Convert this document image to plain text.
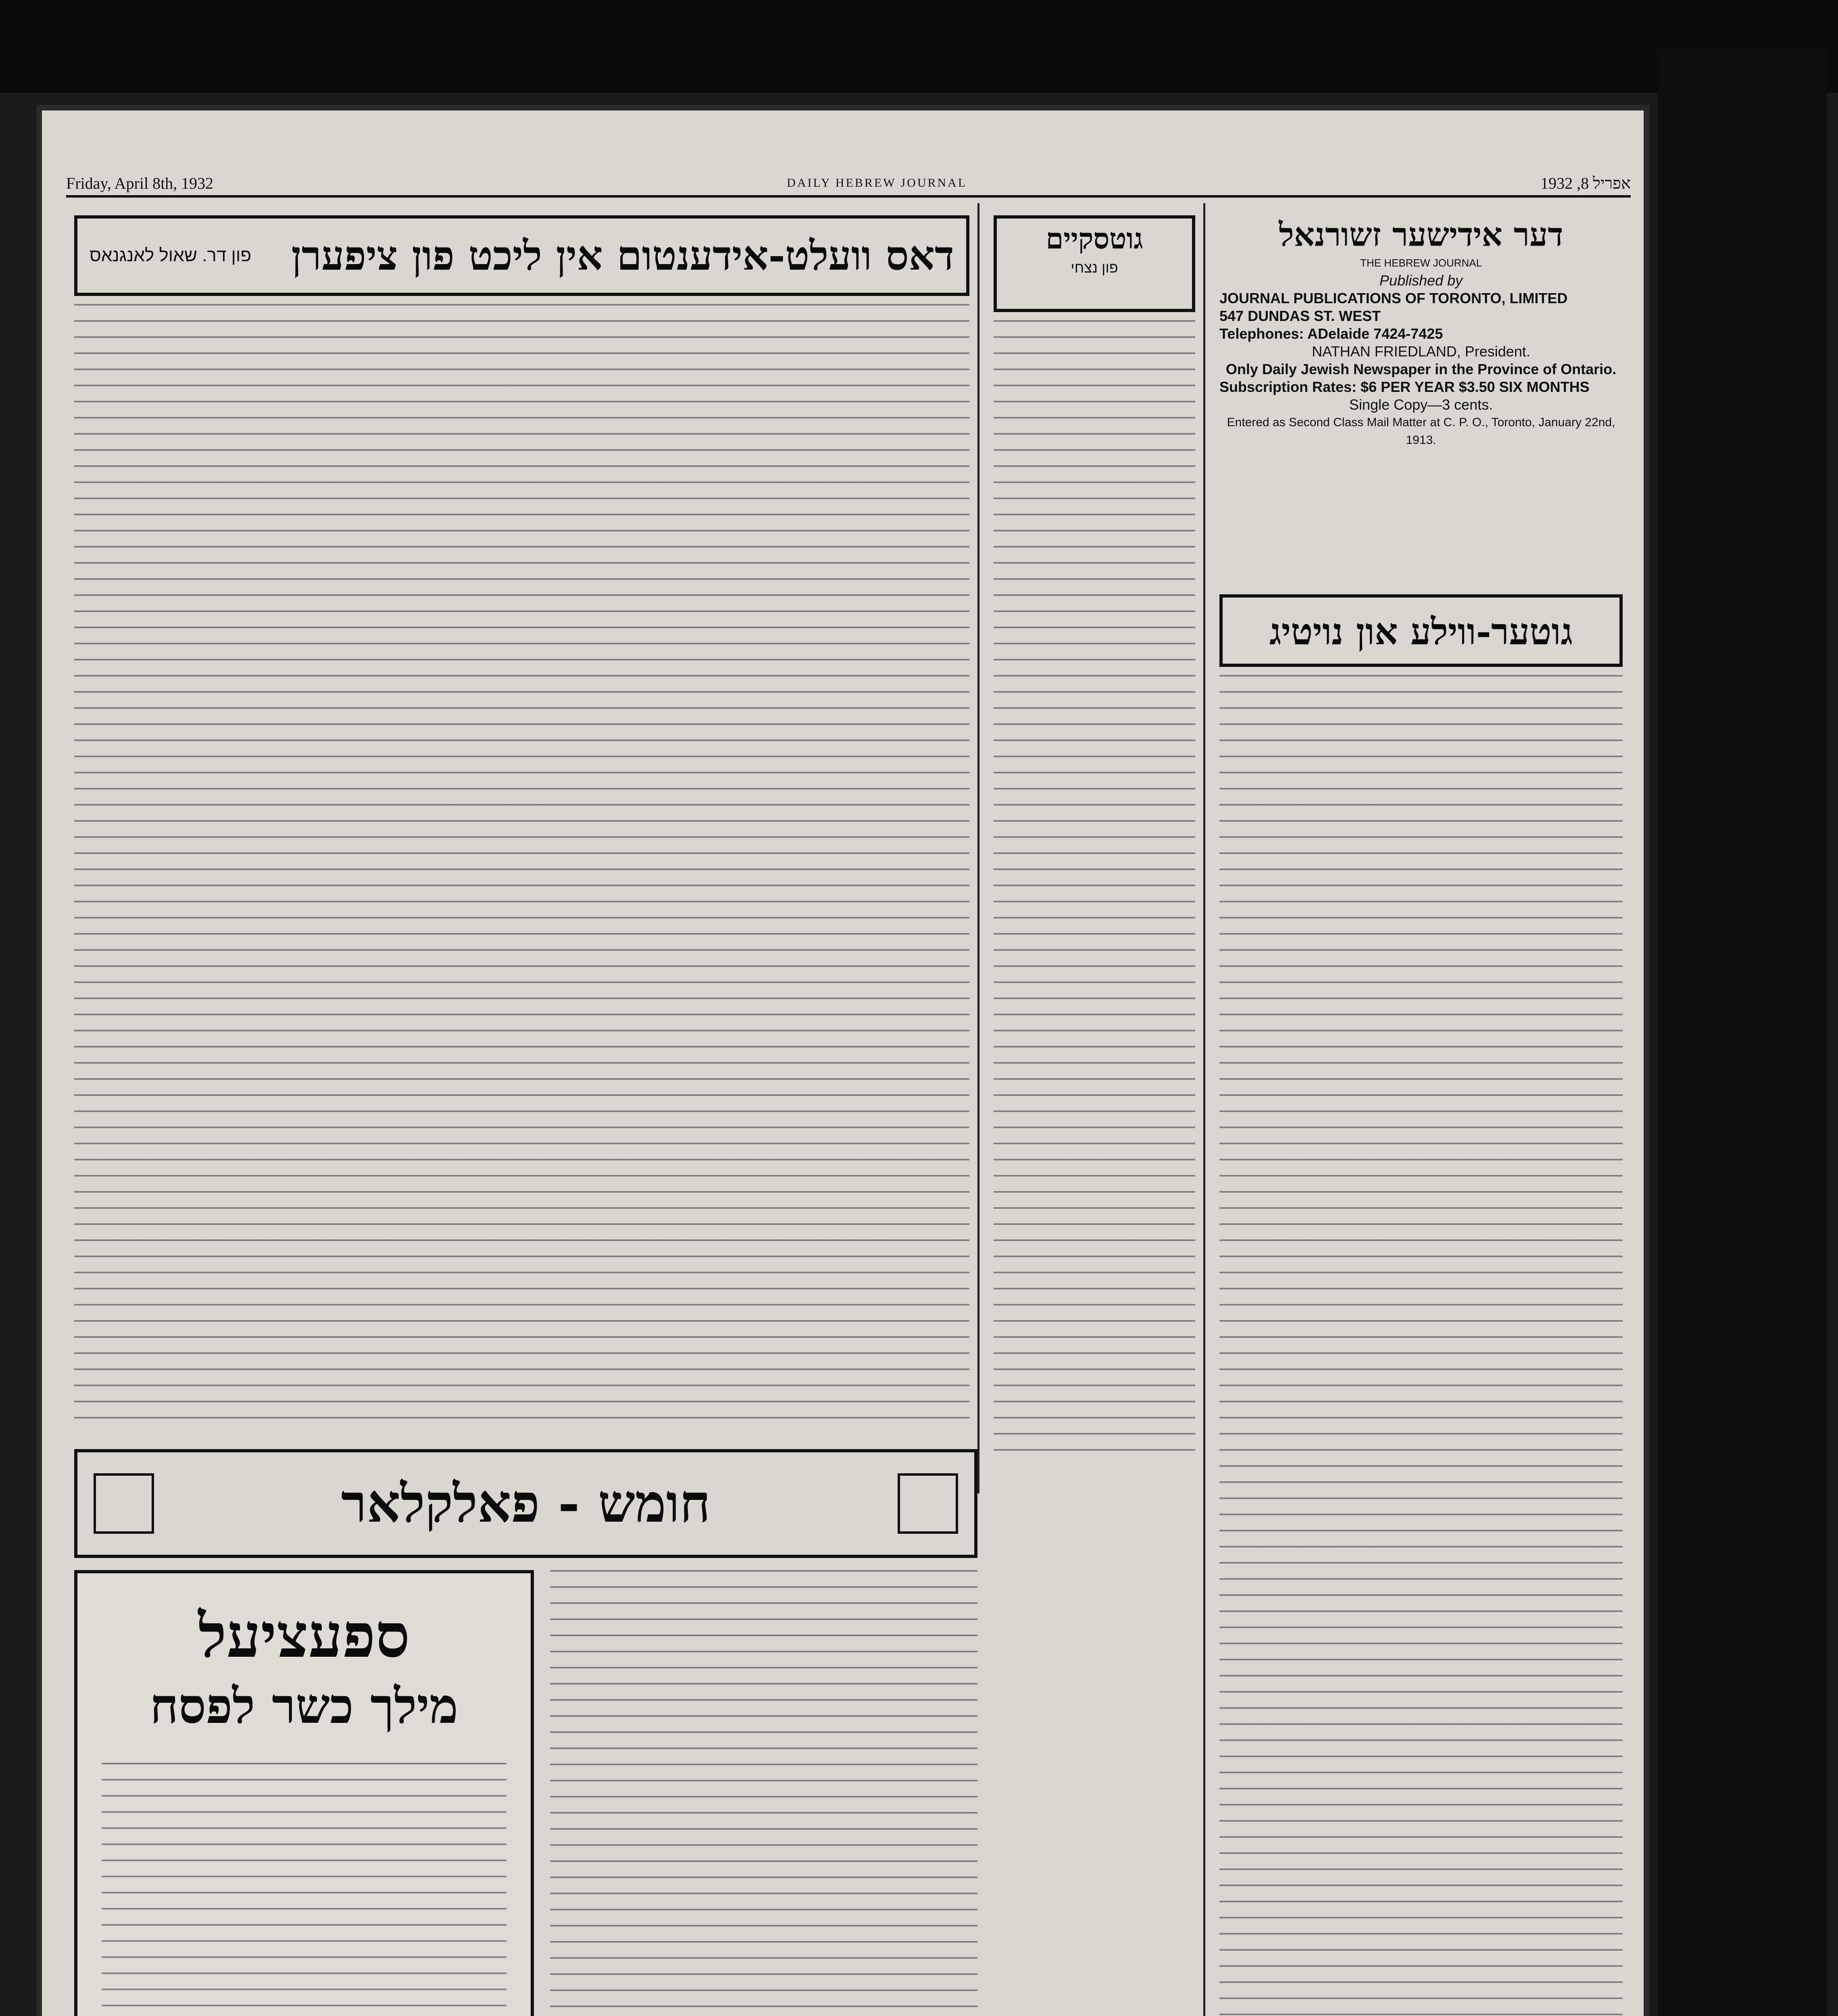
Friday, April 8th, 1932	DAILY HEBREW JOURNAL	1932 ,8 אפריל
דער אידישער זשורנאל
THE HEBREW JOURNAL
Published by
JOURNAL PUBLICATIONS OF TORONTO, LIMITED
547 DUNDAS ST. WEST
Telephones: ADelaide 7424-7425
NATHAN FRIEDLAND, President.
Only Daily Jewish Newspaper in the Province of Ontario.
Subscription Rates: $6 PER YEAR $3.50 SIX MONTHS
Single Copy—3 cents.
Entered as Second Class Mail Matter at C. P. O., Toronto, January 22nd, 1913.
גוטער-ווילע און נויטיג
גוטסקיים
פון נצחי
פון דר. שאול לאנגנאס דאס וועלט-אידענטום אין ליכט פון ציפערן
חומש - פאלקלאר
ספעציעל
מילך כשר לפסח
